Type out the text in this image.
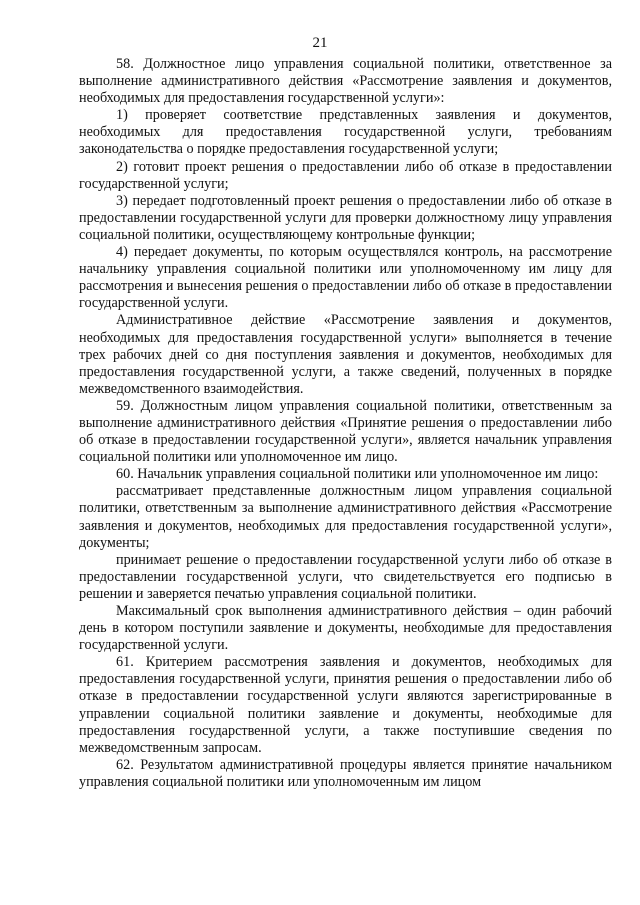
21

58. Должностное лицо управления социальной политики, ответственное за выполнение административного действия «Рассмотрение заявления и документов, необходимых для предоставления государственной услуги»:

1) проверяет соответствие представленных заявления и документов, необходимых для предоставления государственной услуги, требованиям законодательства о порядке предоставления государственной услуги;

2) готовит проект решения о предоставлении либо об отказе в предоставлении государственной услуги;

3) передает подготовленный проект решения о предоставлении либо об отказе в предоставлении государственной услуги для проверки должностному лицу управления социальной политики, осуществляющему контрольные функции;

4) передает документы, по которым осуществлялся контроль, на рассмотрение начальнику управления социальной политики или уполномоченному им лицу для рассмотрения и вынесения решения о предоставлении либо об отказе в предоставлении государственной услуги.

Административное действие «Рассмотрение заявления и документов, необходимых для предоставления государственной услуги» выполняется в течение трех рабочих дней со дня поступления заявления и документов, необходимых для предоставления государственной услуги, а также сведений, полученных в порядке межведомственного взаимодействия.

59. Должностным лицом управления социальной политики, ответственным за выполнение административного действия «Принятие решения о предоставлении либо об отказе в предоставлении государственной услуги», является начальник управления социальной политики или уполномоченное им лицо.

60. Начальник управления социальной политики или уполномоченное им лицо:

рассматривает представленные должностным лицом управления социальной политики, ответственным за выполнение административного действия «Рассмотрение заявления и документов, необходимых для предоставления государственной услуги», документы;

принимает решение о предоставлении государственной услуги либо об отказе в предоставлении государственной услуги, что свидетельствуется его подписью в решении и заверяется печатью управления социальной политики.

Максимальный срок выполнения административного действия – один рабочий день в котором поступили заявление и документы, необходимые для предоставления государственной услуги.

61. Критерием рассмотрения заявления и документов, необходимых для предоставления государственной услуги, принятия решения о предоставлении либо об отказе в предоставлении государственной услуги являются зарегистрированные в управлении социальной политики заявление и документы, необходимые для предоставления государственной услуги, а также поступившие сведения по межведомственным запросам.

62. Результатом административной процедуры является принятие начальником управления социальной политики или уполномоченным им лицом
